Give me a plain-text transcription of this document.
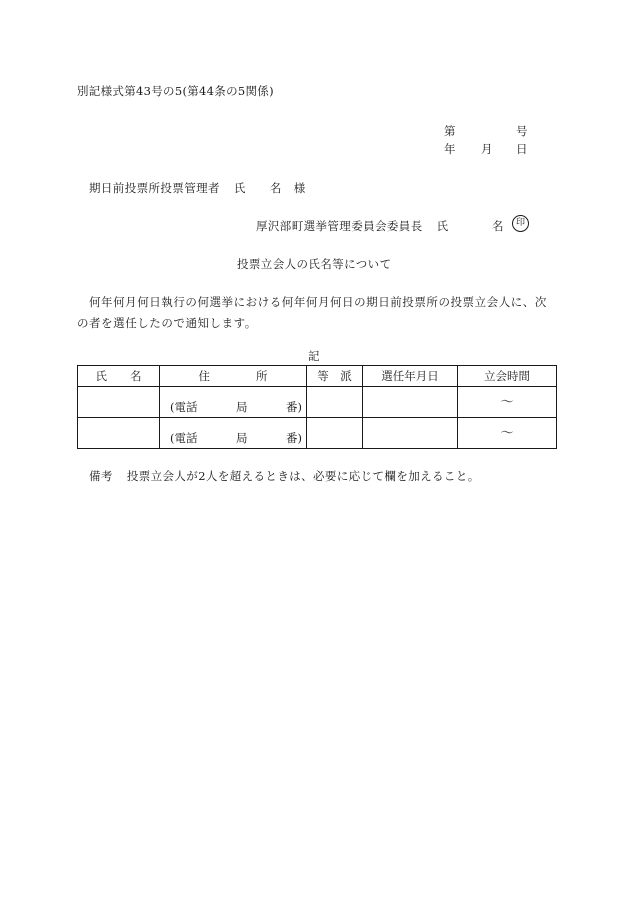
別記様式第43号の5(第44条の5関係)
第	号
年 月 日
期日前投票所投票管理者 氏 名 様
厚沢部町選挙管理委員会委員長 氏	名	印
投票立会人の氏名等について
何年何月何日執行の何選挙における何年何月何日の期日前投票所の投票立会人に、次の者を選任したので通知します。
記
氏　　名	住　　　　所	等　派	選任年月日	立会時間

	(電話 局 番)			～

	(電話 局 番)			～
備考 投票立会人が2人を超えるときは、必要に応じて欄を加えること。
